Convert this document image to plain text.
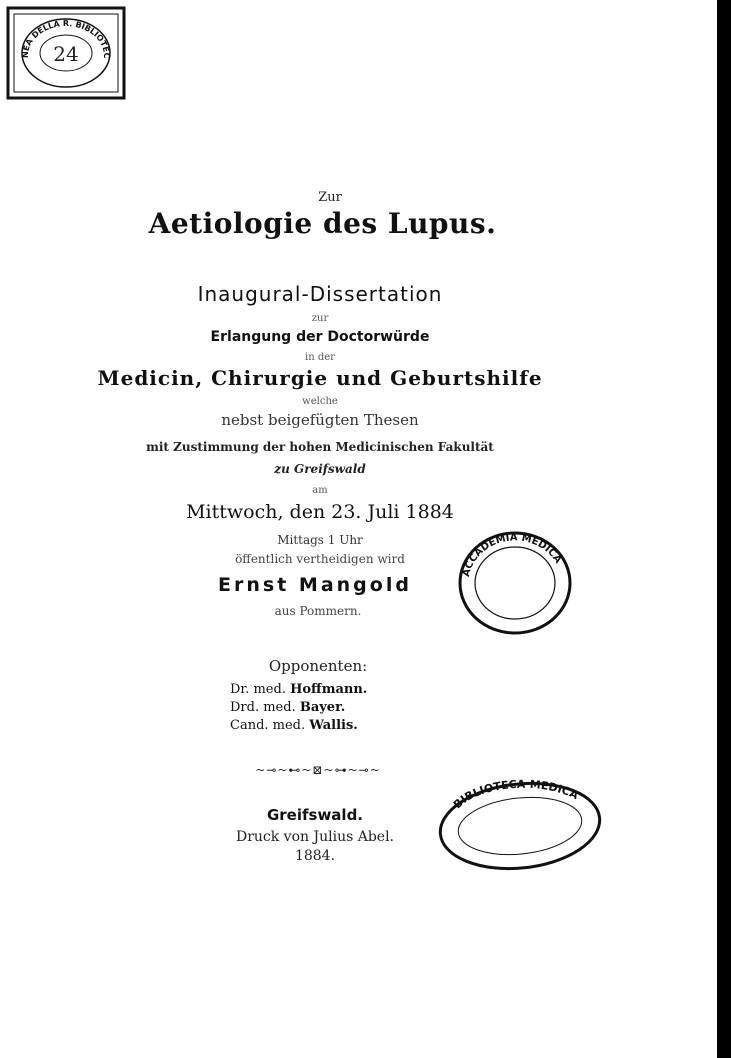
NEA DELLA R. BIBLIOTEC
24
Zur
Aetiologie des Lupus.
Inaugural-Dissertation
zur
Erlangung der Doctorwürde
in der
Medicin, Chirurgie und Geburtshilfe
welche
nebst beigefügten Thesen
mit Zustimmung der hohen Medicinischen Fakultät
zu Greifswald
am
Mittwoch, den 23. Juli 1884
Mittags 1 Uhr
öffentlich vertheidigen wird
Ernst Mangold
aus Pommern.
ACCADEMIA MEDICA
Opponenten:
Dr. med. Hoffmann.
Drd. med. Bayer.
Cand. med. Wallis.
~⊸~⊷~⊠~⊶~⊸~
Greifswald.
Druck von Julius Abel.
1884.
BIBLIOTECA MEDICA
